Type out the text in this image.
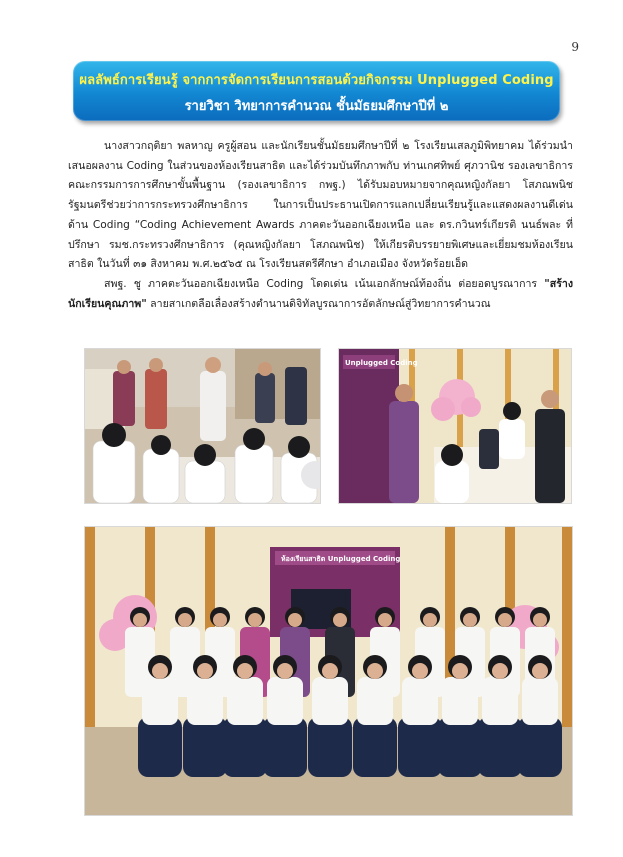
9
ผลลัพธ์การเรียนรู้ จากการจัดการเรียนการสอนด้วยกิจกรรม Unplugged Coding
รายวิชา วิทยาการคำนวณ ชั้นมัธยมศึกษาปีที่ ๒

นางสาวกฤติยา พลหาญ ครูผู้สอน และนักเรียนชั้นมัธยมศึกษาปีที่ ๒ โรงเรียนเสลภูมิพิทยาคม ได้ร่วมนำเสนอผลงาน Coding ในส่วนของห้องเรียนสาธิต และได้ร่วมบันทึกภาพกับ ท่านเกศทิพย์ ศุภวานิช รองเลขาธิการคณะกรรมการการศึกษาขั้นพื้นฐาน (รองเลขาธิการ กพฐ.) ได้รับมอบหมายจากคุณหญิงกัลยา โสภณพนิช รัฐมนตรีช่วยว่าการกระทรวงศึกษาธิการ ในการเป็นประธานเปิดการแลกเปลี่ยนเรียนรู้และแสดงผลงานดีเด่น ด้าน Coding “Coding Achievement Awards ภาคตะวันออกเฉียงเหนือ และ ดร.กวินทร์เกียรติ นนธ์พละ ที่ปรึกษา รมช.กระทรวงศึกษาธิการ (คุณหญิงกัลยา โสภณพนิช) ให้เกียรติบรรยายพิเศษและเยี่ยมชมห้องเรียนสาธิต ในวันที่ ๓๑ สิงหาคม พ.ศ.๒๕๖๕ ณ โรงเรียนสตรีศึกษา อำเภอเมือง จังหวัดร้อยเอ็ด

สพฐ. ชู ภาคตะวันออกเฉียงเหนือ Coding โดดเด่น เน้นเอกลักษณ์ท้องถิ่น ต่อยอดบูรณาการ "สร้างนักเรียนคุณภาพ" ลายสาเกตลือเลื่องสร้างตำนานดิจิทัลบูรณาการอัตลักษณ์สู่วิทยาการคำนวณ

Unplugged Coding
ห้องเรียนสาธิต Unplugged Coding
